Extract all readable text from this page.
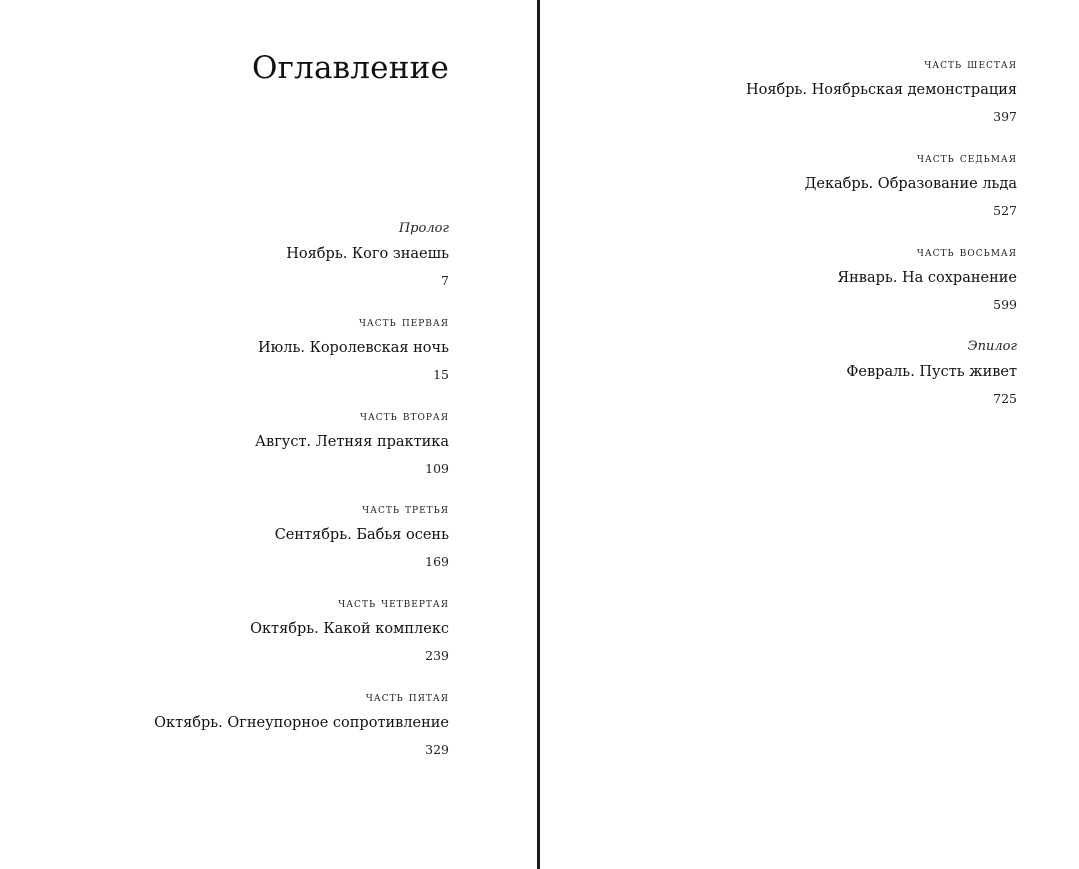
Оглавление
Пролог
Ноябрь. Кого знаешь
7
часть первая
Июль. Королевская ночь
15
часть вторая
Август. Летняя практика
109
часть третья
Сентябрь. Бабья осень
169
часть четвертая
Октябрь. Какой комплекс
239
часть пятая
Октябрь. Огнеупорное сопротивление
329
часть шестая
Ноябрь. Ноябрьская демонстрация
397
часть седьмая
Декабрь. Образование льда
527
часть восьмая
Январь. На сохранение
599
Эпилог
Февраль. Пусть живет
725
